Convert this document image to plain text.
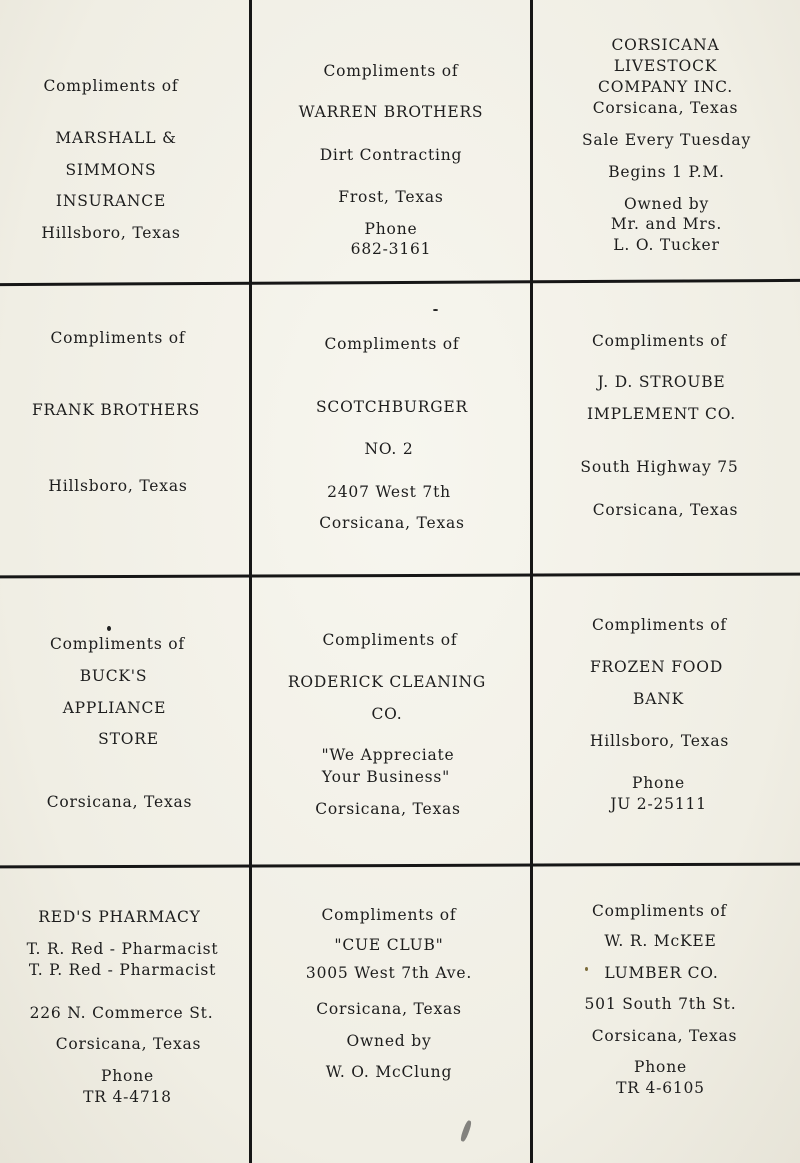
Compliments of
MARSHALL &
SIMMONS
INSURANCE
Hillsboro, Texas
Compliments of
WARREN BROTHERS
Dirt Contracting
Frost, Texas
Phone
682-3161
CORSICANA
LIVESTOCK
COMPANY INC.
Corsicana, Texas
Sale Every Tuesday
Begins 1 P.M.
Owned by
Mr. and Mrs.
L. O. Tucker
Compliments of
FRANK BROTHERS
Hillsboro, Texas
Compliments of
SCOTCHBURGER
NO. 2
2407 West 7th
Corsicana, Texas
Compliments of
J. D. STROUBE
IMPLEMENT CO.
South Highway 75
Corsicana, Texas
Compliments of
BUCK'S
APPLIANCE
STORE
Corsicana, Texas
Compliments of
RODERICK CLEANING
CO.
"We Appreciate
Your Business"
Corsicana, Texas
Compliments of
FROZEN FOOD
BANK
Hillsboro, Texas
Phone
JU 2-25111
RED'S PHARMACY
T. R. Red - Pharmacist
T. P. Red - Pharmacist
226 N. Commerce St.
Corsicana, Texas
Phone
TR 4-4718
Compliments of
"CUE CLUB"
3005 West 7th Ave.
Corsicana, Texas
Owned by
W. O. McClung
Compliments of
W. R. McKEE
LUMBER CO.
501 South 7th St.
Corsicana, Texas
Phone
TR 4-6105
